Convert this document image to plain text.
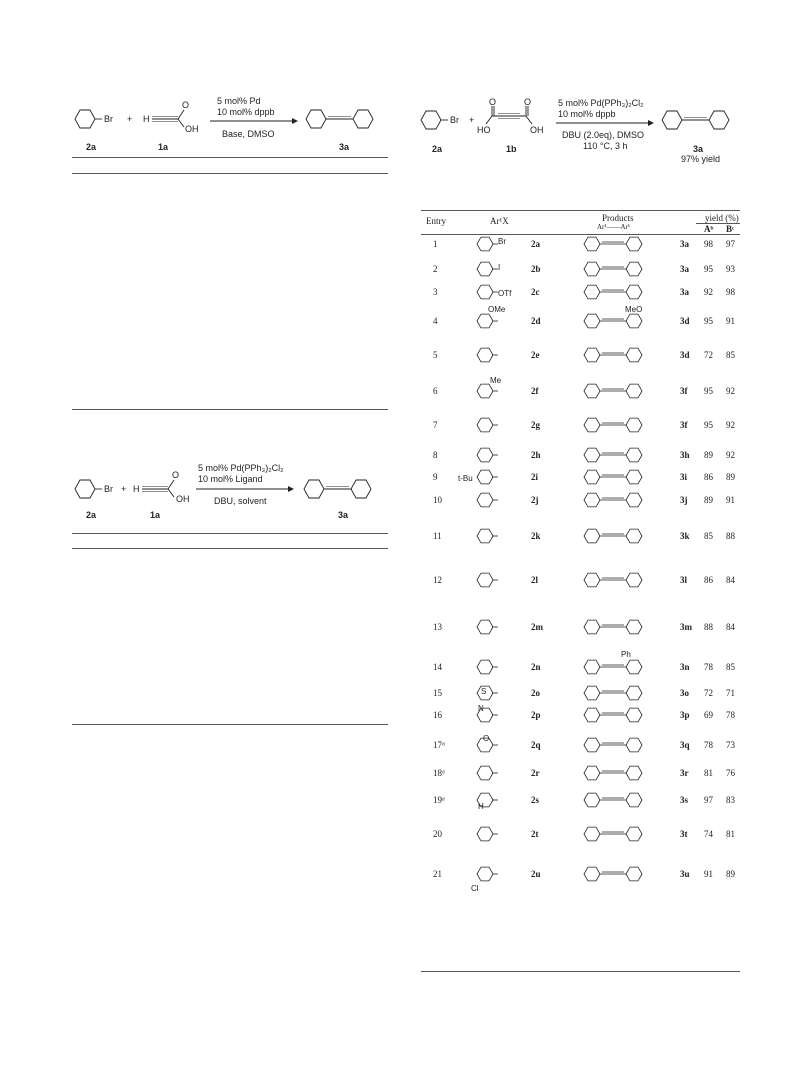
Br + H
O
OH
5 mol% Pd
10 mol% dppb
Base, DMSO
2a	1a	3a
Br + H
O
OH
5 mol% Pd(PPh₃)₂Cl₂
10 mol% Ligand
DBU, solvent
2a	1a	3a
Br +
O	O
HO	OH
5 mol% Pd(PPh₃)₂Cl₂
10 mol% dppb
DBU (2.0eq), DMSO
110 °C, 3 h
2a	1b	3a
97% yield
Entry	Ar¹X	Products
Ar¹——Ar¹
yield (%)
Aᵇ Bᶜ
1	2a	3a 98 97
2	2b	3a 95 93
3	2c	3a 92 98
4	2d	3d 95 91
5	2e	3d 72 85
6	2f	3f 95 92
7	2g	3f 95 92
8	2h	3h 89 92
9	2i	3i 86 89
10	2j	3j 89 91
11	2k	3k 85 88
12	2l	3l 86 84
13	2m	3m 88 84
14	2n	3n 78 85
15	2o	3o 72 71
16	2p	3p 69 78
17ᵈ	2q	3q 78 73
18ᵈ	2r	3r 81 76
19ᵈ	2s	3s 97 83
20	2t	3t 74 81
21	2u	3u 91 89
Br
I
OTf
OMe	MeO
Me
t-Bu
Ph
S
N
O
H
Cl
